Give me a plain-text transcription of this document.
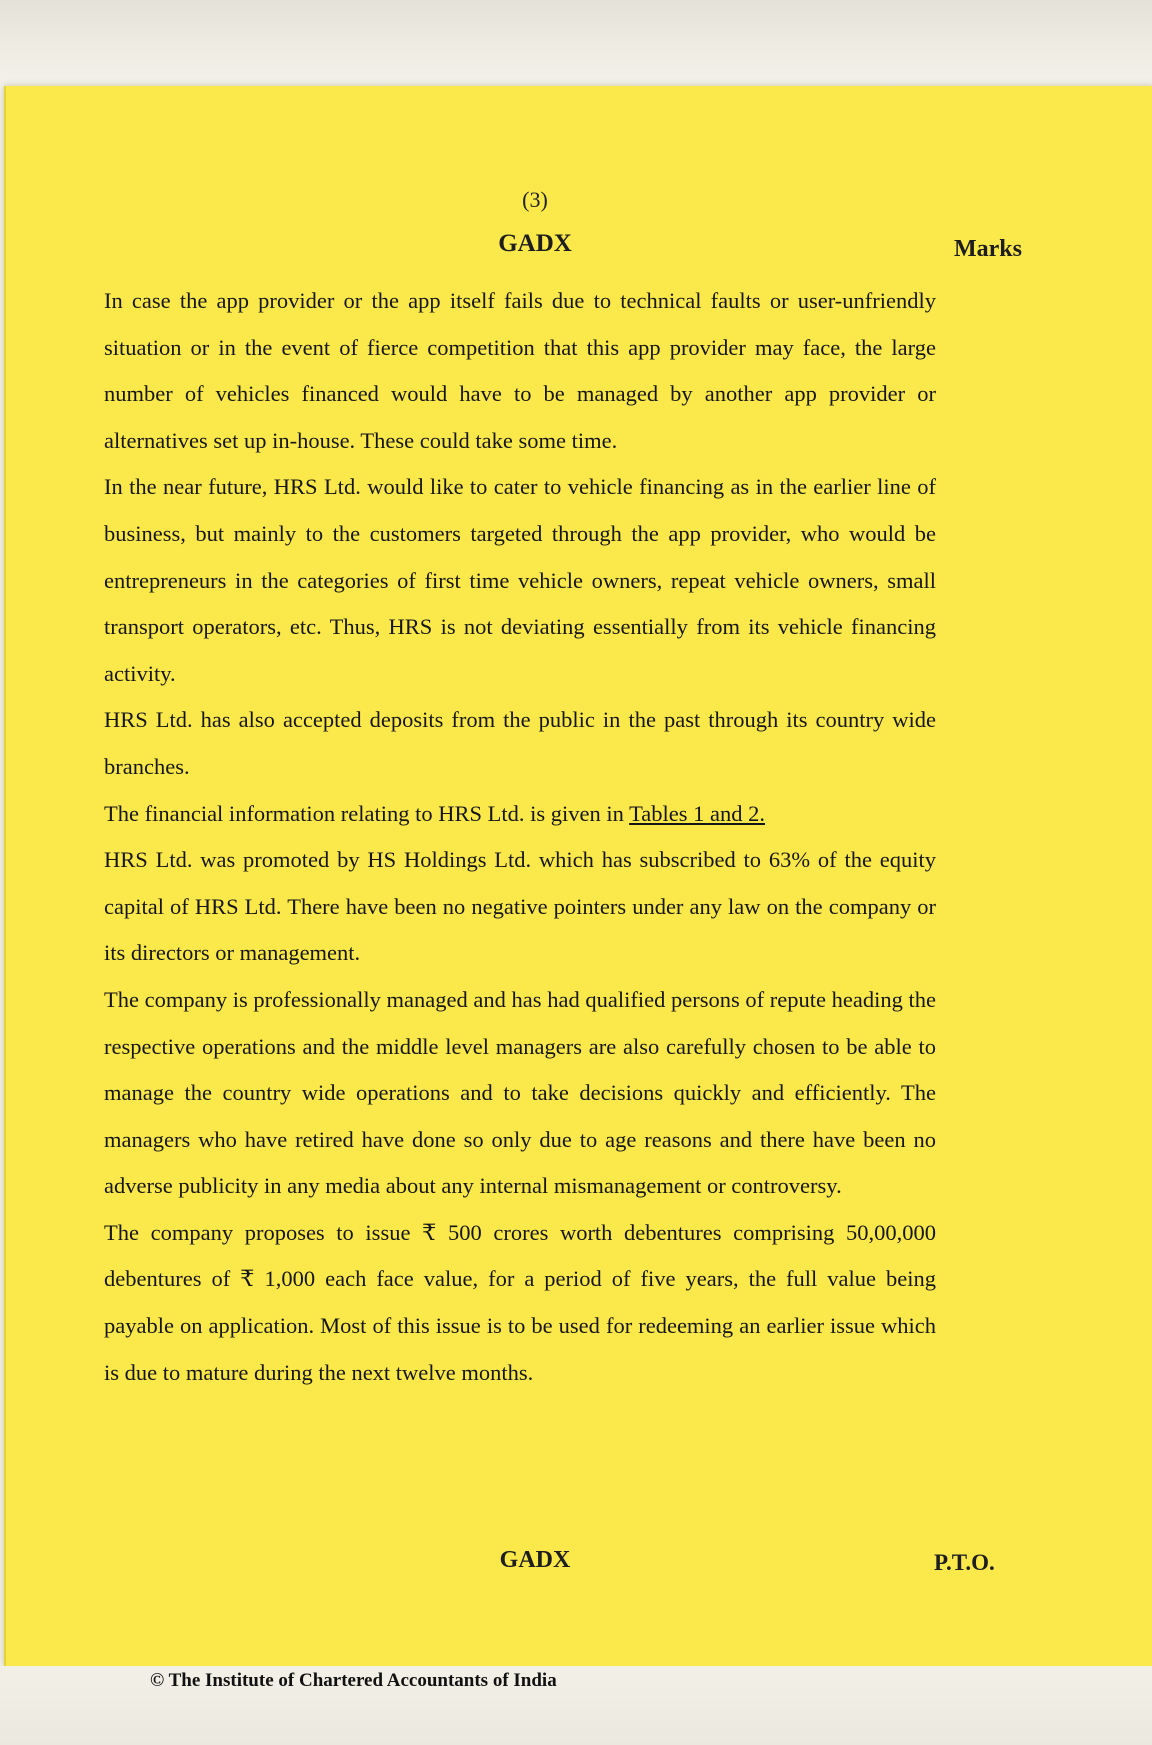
(3)
GADX	Marks

In case the app provider or the app itself fails due to technical faults or user-unfriendly situation or in the event of fierce competition that this app provider may face, the large number of vehicles financed would have to be managed by another app provider or alternatives set up in-house. These could take some time.

In the near future, HRS Ltd. would like to cater to vehicle financing as in the earlier line of business, but mainly to the customers targeted through the app provider, who would be entrepreneurs in the categories of first time vehicle owners, repeat vehicle owners, small transport operators, etc. Thus, HRS is not deviating essentially from its vehicle financing activity.

HRS Ltd. has also accepted deposits from the public in the past through its country wide branches.

The financial information relating to HRS Ltd. is given in Tables 1 and 2.

HRS Ltd. was promoted by HS Holdings Ltd. which has subscribed to 63% of the equity capital of HRS Ltd. There have been no negative pointers under any law on the company or its directors or management.

The company is professionally managed and has had qualified persons of repute heading the respective operations and the middle level managers are also carefully chosen to be able to manage the country wide operations and to take decisions quickly and efficiently. The managers who have retired have done so only due to age reasons and there have been no adverse publicity in any media about any internal mismanagement or controversy.

The company proposes to issue ₹ 500 crores worth debentures comprising 50,00,000 debentures of ₹ 1,000 each face value, for a period of five years, the full value being payable on application. Most of this issue is to be used for redeeming an earlier issue which is due to mature during the next twelve months.

GADX	P.T.O.
© The Institute of Chartered Accountants of India
